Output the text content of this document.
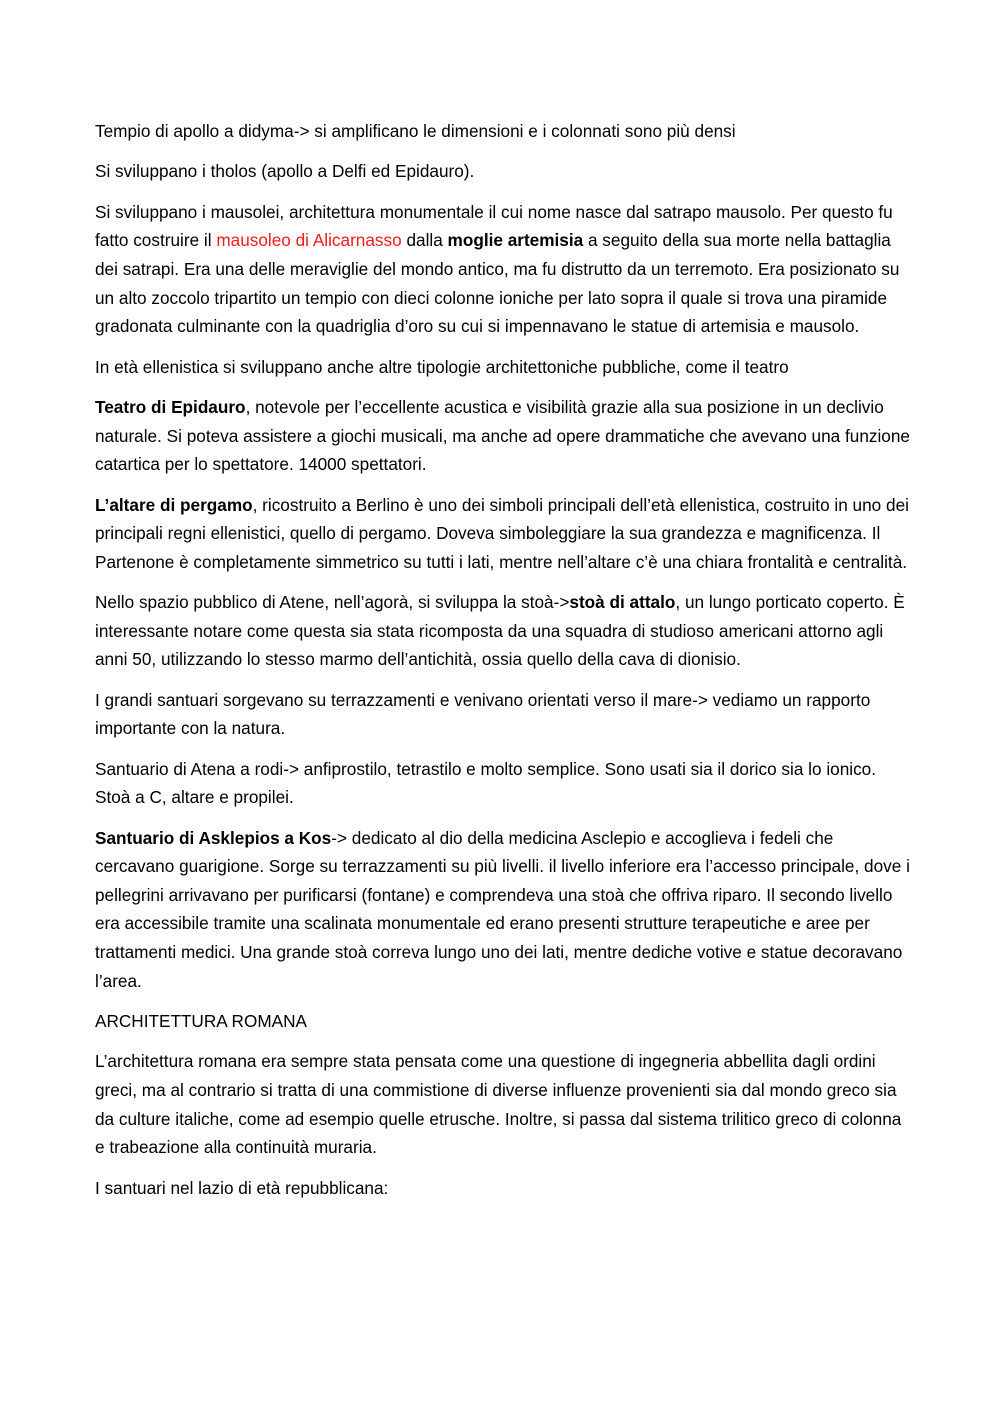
Tempio di apollo a didyma-> si amplificano le dimensioni e i colonnati sono più densi

Si sviluppano i tholos (apollo a Delfi ed Epidauro).

Si sviluppano i mausolei, architettura monumentale il cui nome nasce dal satrapo mausolo. Per questo fu fatto costruire il mausoleo di Alicarnasso dalla moglie artemisia a seguito della sua morte nella battaglia dei satrapi. Era una delle meraviglie del mondo antico, ma fu distrutto da un terremoto. Era posizionato su un alto zoccolo tripartito un tempio con dieci colonne ioniche per lato sopra il quale si trova una piramide gradonata culminante con la quadriglia d’oro su cui si impennavano le statue di artemisia e mausolo.

In età ellenistica si sviluppano anche altre tipologie architettoniche pubbliche, come il teatro

Teatro di Epidauro, notevole per l’eccellente acustica e visibilità grazie alla sua posizione in un declivio naturale. Si poteva assistere a giochi musicali, ma anche ad opere drammatiche che avevano una funzione catartica per lo spettatore. 14000 spettatori.

L’altare di pergamo, ricostruito a Berlino è uno dei simboli principali dell’età ellenistica, costruito in uno dei principali regni ellenistici, quello di pergamo. Doveva simboleggiare la sua grandezza e magnificenza. Il Partenone è completamente simmetrico su tutti i lati, mentre nell’altare c’è una chiara frontalità e centralità.

Nello spazio pubblico di Atene, nell’agorà, si sviluppa la stoà->stoà di attalo, un lungo porticato coperto. È interessante notare come questa sia stata ricomposta da una squadra di studioso americani attorno agli anni 50, utilizzando lo stesso marmo dell’antichità, ossia quello della cava di dionisio.

I grandi santuari sorgevano su terrazzamenti e venivano orientati verso il mare-> vediamo un rapporto importante con la natura.

Santuario di Atena a rodi-> anfiprostilo, tetrastilo e molto semplice. Sono usati sia il dorico sia lo ionico. Stoà a C, altare e propilei.

Santuario di Asklepios a Kos-> dedicato al dio della medicina Asclepio e accoglieva i fedeli che cercavano guarigione. Sorge su terrazzamenti su più livelli. il livello inferiore era l’accesso principale, dove i pellegrini arrivavano per purificarsi (fontane) e comprendeva una stoà che offriva riparo. Il secondo livello era accessibile tramite una scalinata monumentale ed erano presenti strutture terapeutiche e aree per trattamenti medici. Una grande stoà correva lungo uno dei lati, mentre dediche votive e statue decoravano l’area.

ARCHITETTURA ROMANA

L’architettura romana era sempre stata pensata come una questione di ingegneria abbellita dagli ordini greci, ma al contrario si tratta di una commistione di diverse influenze provenienti sia dal mondo greco sia da culture italiche, come ad esempio quelle etrusche. Inoltre, si passa dal sistema trilitico greco di colonna e trabeazione alla continuità muraria.

I santuari nel lazio di età repubblicana:
